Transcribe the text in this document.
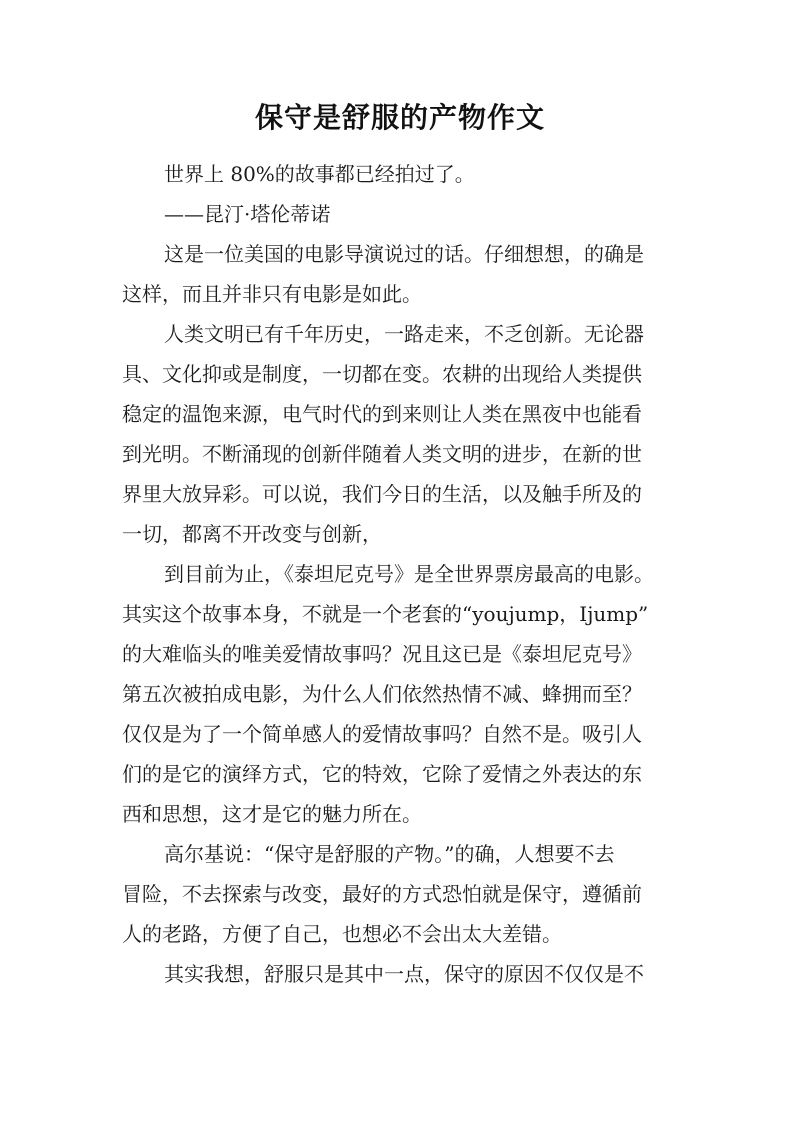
保守是舒服的产物作文

世界上 80%的故事都已经拍过了。

——昆汀·塔伦蒂诺

这是一位美国的电影导演说过的话。仔细想想，的确是
这样，而且并非只有电影是如此。

人类文明已有千年历史，一路走来，不乏创新。无论器
具、文化抑或是制度，一切都在变。农耕的出现给人类提供
稳定的温饱来源，电气时代的到来则让人类在黑夜中也能看
到光明。不断涌现的创新伴随着人类文明的进步，在新的世
界里大放异彩。可以说，我们今日的生活，以及触手所及的
一切，都离不开改变与创新，

到目前为止，《泰坦尼克号》是全世界票房最高的电影。
其实这个故事本身，不就是一个老套的“youjump，Ijump”
的大难临头的唯美爱情故事吗？况且这已是《泰坦尼克号》
第五次被拍成电影，为什么人们依然热情不减、蜂拥而至？
仅仅是为了一个简单感人的爱情故事吗？自然不是。吸引人
们的是它的演绎方式，它的特效，它除了爱情之外表达的东
西和思想，这才是它的魅力所在。

高尔基说：“保守是舒服的产物。”的确，人想要不去
冒险，不去探索与改变，最好的方式恐怕就是保守，遵循前
人的老路，方便了自己，也想必不会出太大差错。

其实我想，舒服只是其中一点，保守的原因不仅仅是不
